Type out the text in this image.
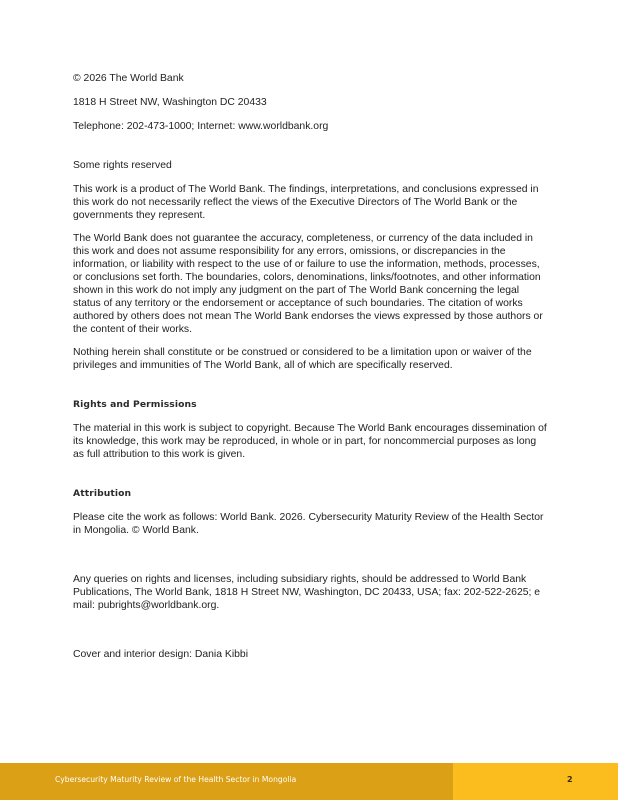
© 2026 The World Bank

1818 H Street NW, Washington DC 20433

Telephone: 202-473-1000; Internet: www.worldbank.org

Some rights reserved

This work is a product of The World Bank. The findings, interpretations, and conclusions expressed in this work do not necessarily reflect the views of the Executive Directors of The World Bank or the governments they represent.

The World Bank does not guarantee the accuracy, completeness, or currency of the data included in this work and does not assume responsibility for any errors, omissions, or discrepancies in the information, or liability with respect to the use of or failure to use the information, methods, processes, or conclusions set forth. The boundaries, colors, denominations, links/footnotes, and other information shown in this work do not imply any judgment on the part of The World Bank concerning the legal status of any territory or the endorsement or acceptance of such boundaries. The citation of works authored by others does not mean The World Bank endorses the views expressed by those authors or the content of their works.

Nothing herein shall constitute or be construed or considered to be a limitation upon or waiver of the privileges and immunities of The World Bank, all of which are specifically reserved.

Rights and Permissions

The material in this work is subject to copyright. Because The World Bank encourages dissemination of its knowledge, this work may be reproduced, in whole or in part, for noncommercial purposes as long as full attribution to this work is given.

Attribution

Please cite the work as follows: World Bank. 2026. Cybersecurity Maturity Review of the Health Sector in Mongolia. © World Bank.

Any queries on rights and licenses, including subsidiary rights, should be addressed to World Bank Publications, The World Bank, 1818 H Street NW, Washington, DC 20433, USA; fax: 202-522-2625; e mail: pubrights@worldbank.org.

Cover and interior design: Dania Kibbi

Cybersecurity Maturity Review of the Health Sector in Mongolia	2
